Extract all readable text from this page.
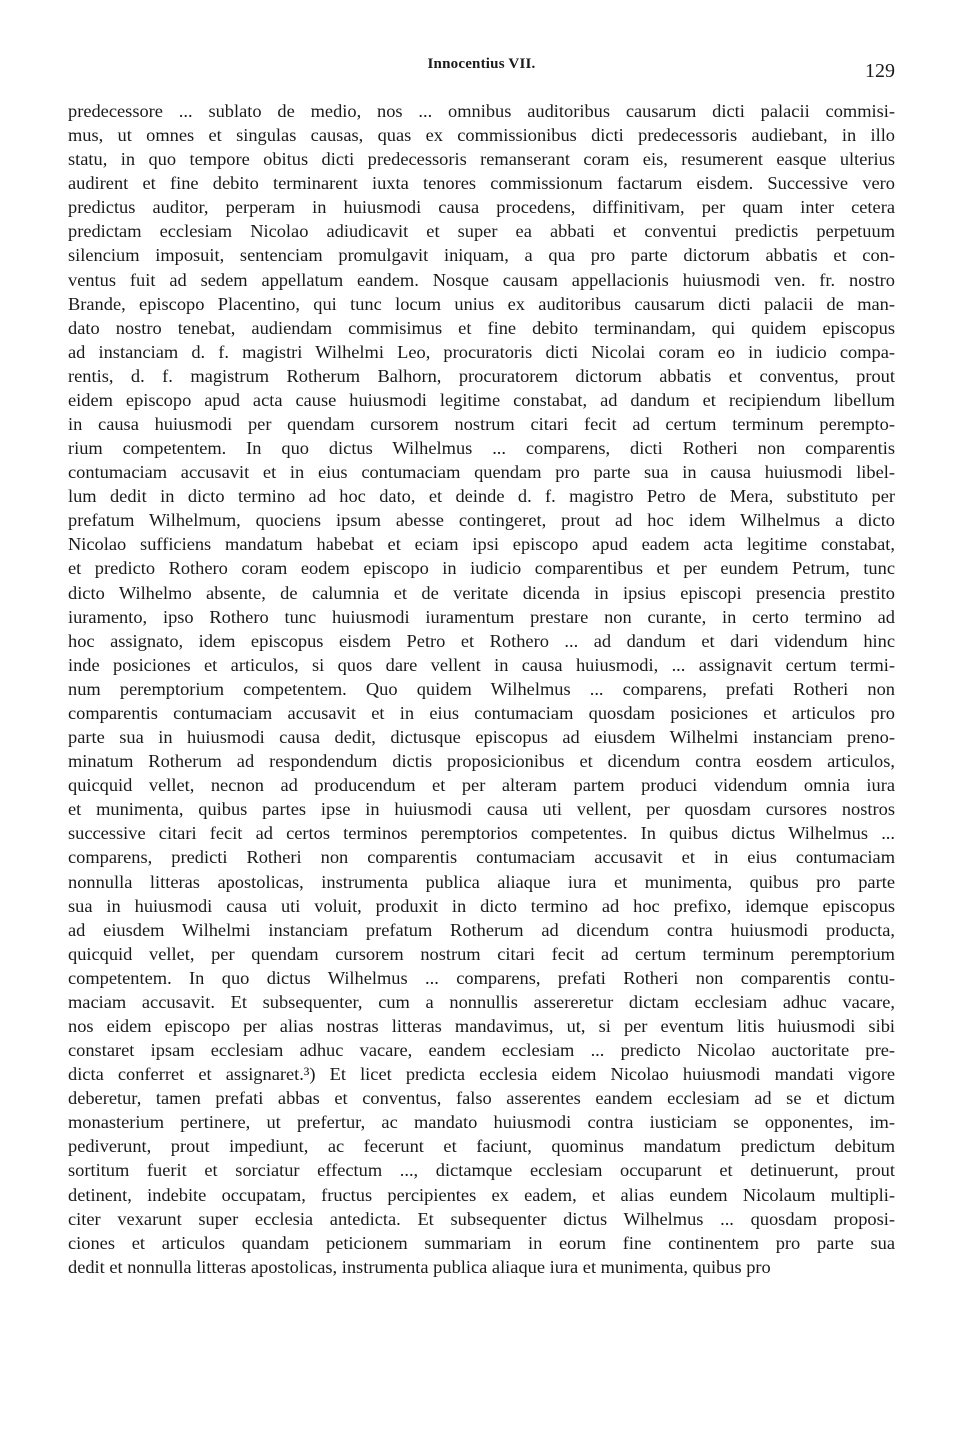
Innocentius VII.	129
predecessore ... sublato de medio, nos ... omnibus auditoribus causarum dicti palacii commisi-
mus, ut omnes et singulas causas, quas ex commissionibus dicti predecessoris audiebant, in illo
statu, in quo tempore obitus dicti predecessoris remanserant coram eis, resumerent easque ulterius
audirent et fine debito terminarent iuxta tenores commissionum factarum eisdem. Successive vero
predictus auditor, perperam in huiusmodi causa procedens, diffinitivam, per quam inter cetera
predictam ecclesiam Nicolao adiudicavit et super ea abbati et conventui predictis perpetuum
silencium imposuit, sentenciam promulgavit iniquam, a qua pro parte dictorum abbatis et con-
ventus fuit ad sedem appellatum eandem. Nosque causam appellacionis huiusmodi ven. fr. nostro
Brande, episcopo Placentino, qui tunc locum unius ex auditoribus causarum dicti palacii de man-
dato nostro tenebat, audiendam commisimus et fine debito terminandam, qui quidem episcopus
ad instanciam d. f. magistri Wilhelmi Leo, procuratoris dicti Nicolai coram eo in iudicio compa-
rentis, d. f. magistrum Rotherum Balhorn, procuratorem dictorum abbatis et conventus, prout
eidem episcopo apud acta cause huiusmodi legitime constabat, ad dandum et recipiendum libellum
in causa huiusmodi per quendam cursorem nostrum citari fecit ad certum terminum perempto-
rium competentem. In quo dictus Wilhelmus ... comparens, dicti Rotheri non comparentis
contumaciam accusavit et in eius contumaciam quendam pro parte sua in causa huiusmodi libel-
lum dedit in dicto termino ad hoc dato, et deinde d. f. magistro Petro de Mera, substituto per
prefatum Wilhelmum, quociens ipsum abesse contingeret, prout ad hoc idem Wilhelmus a dicto
Nicolao sufficiens mandatum habebat et eciam ipsi episcopo apud eadem acta legitime constabat,
et predicto Rothero coram eodem episcopo in iudicio comparentibus et per eundem Petrum, tunc
dicto Wilhelmo absente, de calumnia et de veritate dicenda in ipsius episcopi presencia prestito
iuramento, ipso Rothero tunc huiusmodi iuramentum prestare non curante, in certo termino ad
hoc assignato, idem episcopus eisdem Petro et Rothero ... ad dandum et dari videndum hinc
inde posiciones et articulos, si quos dare vellent in causa huiusmodi, ... assignavit certum termi-
num peremptorium competentem. Quo quidem Wilhelmus ... comparens, prefati Rotheri non
comparentis contumaciam accusavit et in eius contumaciam quosdam posiciones et articulos pro
parte sua in huiusmodi causa dedit, dictusque episcopus ad eiusdem Wilhelmi instanciam preno-
minatum Rotherum ad respondendum dictis proposicionibus et dicendum contra eosdem articulos,
quicquid vellet, necnon ad producendum et per alteram partem produci videndum omnia iura
et munimenta, quibus partes ipse in huiusmodi causa uti vellent, per quosdam cursores nostros
successive citari fecit ad certos terminos peremptorios competentes. In quibus dictus Wilhelmus ...
comparens, predicti Rotheri non comparentis contumaciam accusavit et in eius contumaciam
nonnulla litteras apostolicas, instrumenta publica aliaque iura et munimenta, quibus pro parte
sua in huiusmodi causa uti voluit, produxit in dicto termino ad hoc prefixo, idemque episcopus
ad eiusdem Wilhelmi instanciam prefatum Rotherum ad dicendum contra huiusmodi producta,
quicquid vellet, per quendam cursorem nostrum citari fecit ad certum terminum peremptorium
competentem. In quo dictus Wilhelmus ... comparens, prefati Rotheri non comparentis contu-
maciam accusavit. Et subsequenter, cum a nonnullis assereretur dictam ecclesiam adhuc vacare,
nos eidem episcopo per alias nostras litteras mandavimus, ut, si per eventum litis huiusmodi sibi
constaret ipsam ecclesiam adhuc vacare, eandem ecclesiam ... predicto Nicolao auctoritate pre-
dicta conferret et assignaret.³) Et licet predicta ecclesia eidem Nicolao huiusmodi mandati vigore
deberetur, tamen prefati abbas et conventus, falso asserentes eandem ecclesiam ad se et dictum
monasterium pertinere, ut prefertur, ac mandato huiusmodi contra iusticiam se opponentes, im-
pediverunt, prout impediunt, ac fecerunt et faciunt, quominus mandatum predictum debitum
sortitum fuerit et sorciatur effectum ..., dictamque ecclesiam occuparunt et detinuerunt, prout
detinent, indebite occupatam, fructus percipientes ex eadem, et alias eundem Nicolaum multipli-
citer vexarunt super ecclesia antedicta. Et subsequenter dictus Wilhelmus ... quosdam proposi-
ciones et articulos quandam peticionem summariam in eorum fine continentem pro parte sua
dedit et nonnulla litteras apostolicas, instrumenta publica aliaque iura et munimenta, quibus pro
